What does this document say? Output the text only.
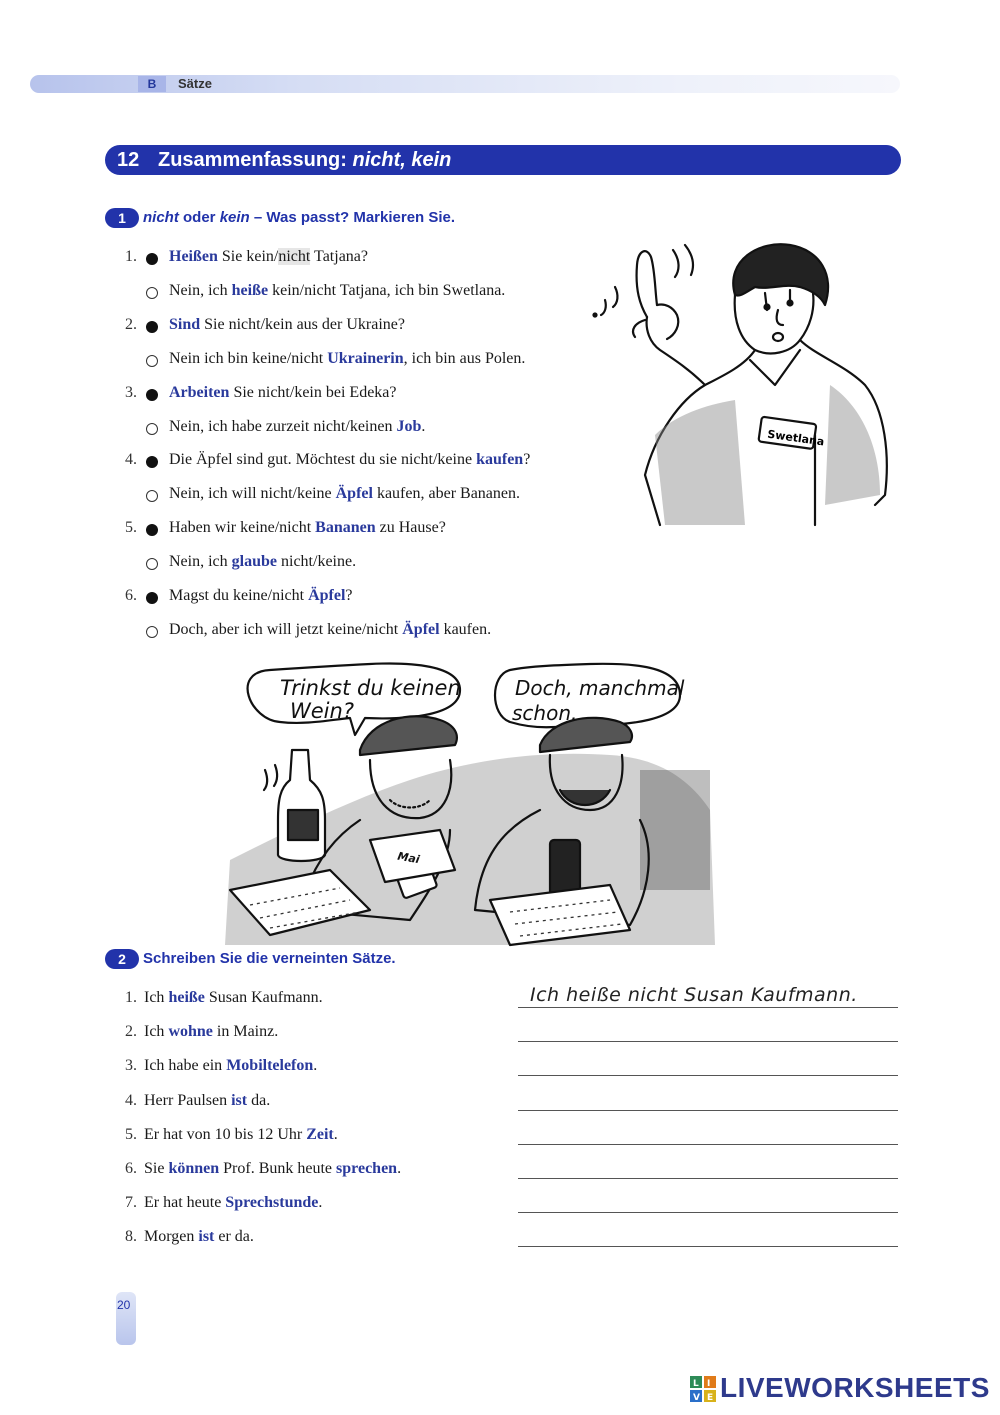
B	Sätze
12 Zusammenfassung: nicht, kein
1 nicht oder kein – Was passt? Markieren Sie.
1. Heißen Sie kein/nicht Tatjana?
Nein, ich heiße kein/nicht Tatjana, ich bin Swetlana.
2. Sind Sie nicht/kein aus der Ukraine?
Nein ich bin keine/nicht Ukrainerin, ich bin aus Polen.
3. Arbeiten Sie nicht/kein bei Edeka?
Nein, ich habe zurzeit nicht/keinen Job.
4. Die Äpfel sind gut. Möchtest du sie nicht/keine kaufen?
Nein, ich will nicht/keine Äpfel kaufen, aber Bananen.
5. Haben wir keine/nicht Bananen zu Hause?
Nein, ich glaube nicht/keine.
6. Magst du keine/nicht Äpfel?
Doch, aber ich will jetzt keine/nicht Äpfel kaufen.
Swetlana
Trinkst du keinen
Wein?
Doch, manchmal
schon.
Mai
2 Schreiben Sie die verneinten Sätze.
1. Ich heiße Susan Kaufmann.
2. Ich wohne in Mainz.
3. Ich habe ein Mobiltelefon.
4. Herr Paulsen ist da.
5. Er hat von 10 bis 12 Uhr Zeit.
6. Sie können Prof. Bunk heute sprechen.
7. Er hat heute Sprechstunde.
8. Morgen ist er da.
Ich heiße nicht Susan Kaufmann.
20
L I
V E LIVEWORKSHEETS
